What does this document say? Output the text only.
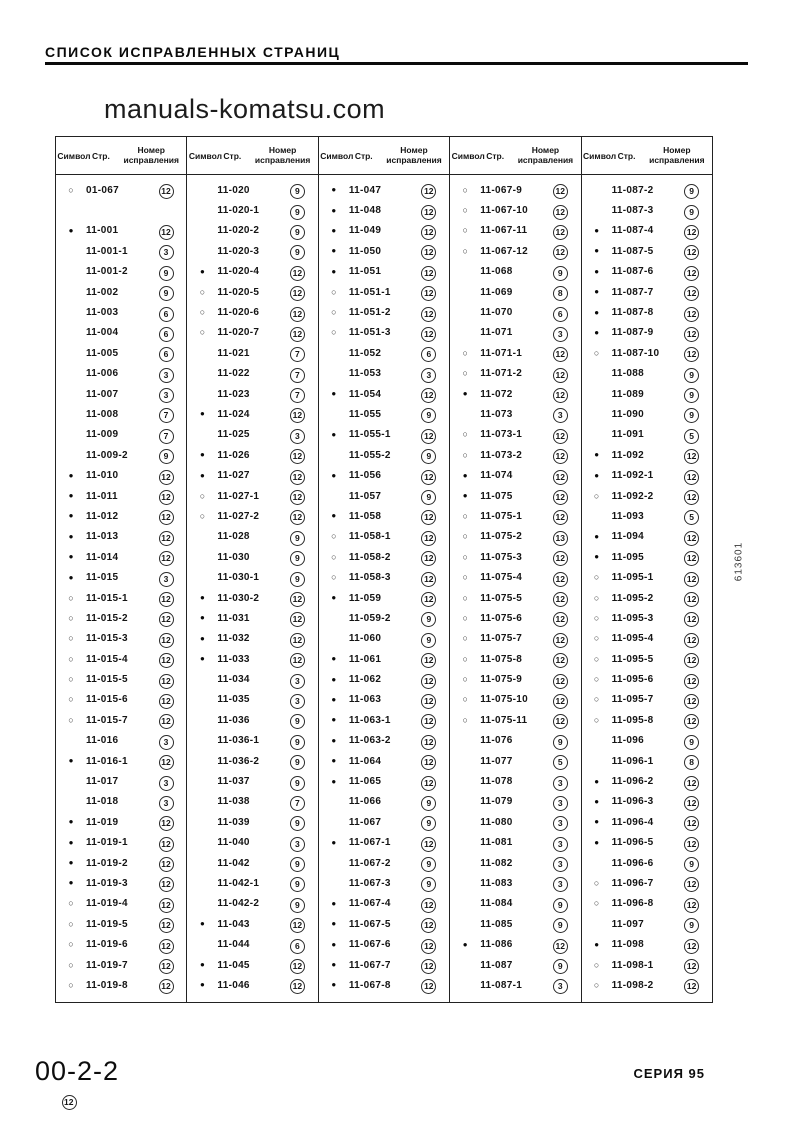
СПИСОК ИСПРАВЛЕННЫХ СТРАНИЦ
manuals-komatsu.com
Символ Стр.
Номер
исправления
○	01-067	12
●	11-001	12
11-001-1	3
11-001-2	9
11-002	9
11-003	6
11-004	6
11-005	6
11-006	3
11-007	3
11-008	7
11-009	7
11-009-2	9
●	11-010	12
●	11-011	12
●	11-012	12
●	11-013	12
●	11-014	12
●	11-015	3
○	11-015-1	12
○	11-015-2	12
○	11-015-3	12
○	11-015-4	12
○	11-015-5	12
○	11-015-6	12
○	11-015-7	12
11-016	3
●	11-016-1	12
11-017	3
11-018	3
●	11-019	12
●	11-019-1	12
●	11-019-2	12
●	11-019-3	12
○	11-019-4	12
○	11-019-5	12
○	11-019-6	12
○	11-019-7	12
○	11-019-8	12
Символ Стр.
Номер
исправления
11-020	9
11-020-1	9
11-020-2	9
11-020-3	9
●	11-020-4	12
○	11-020-5	12
○	11-020-6	12
○	11-020-7	12
11-021	7
11-022	7
11-023	7
●	11-024	12
11-025	3
●	11-026	12
●	11-027	12
○	11-027-1	12
○	11-027-2	12
11-028	9
11-030	9
11-030-1	9
●	11-030-2	12
●	11-031	12
●	11-032	12
●	11-033	12
11-034	3
11-035	3
11-036	9
11-036-1	9
11-036-2	9
11-037	9
11-038	7
11-039	9
11-040	3
11-042	9
11-042-1	9
11-042-2	9
●	11-043	12
11-044	6
●	11-045	12
●	11-046	12
Символ Стр.
Номер
исправления
●	11-047	12
●	11-048	12
●	11-049	12
●	11-050	12
●	11-051	12
○	11-051-1	12
○	11-051-2	12
○	11-051-3	12
11-052	6
11-053	3
●	11-054	12
11-055	9
●	11-055-1	12
11-055-2	9
●	11-056	12
11-057	9
●	11-058	12
○	11-058-1	12
○	11-058-2	12
○	11-058-3	12
●	11-059	12
11-059-2	9
11-060	9
●	11-061	12
●	11-062	12
●	11-063	12
●	11-063-1	12
●	11-063-2	12
●	11-064	12
●	11-065	12
11-066	9
11-067	9
●	11-067-1	12
11-067-2	9
11-067-3	9
●	11-067-4	12
●	11-067-5	12
●	11-067-6	12
●	11-067-7	12
●	11-067-8	12
Символ Стр.
Номер
исправления
○	11-067-9	12
○	11-067-10	12
○	11-067-11	12
○	11-067-12	12
11-068	9
11-069	8
11-070	6
11-071	3
○	11-071-1	12
○	11-071-2	12
●	11-072	12
11-073	3
○	11-073-1	12
○	11-073-2	12
●	11-074	12
●	11-075	12
○	11-075-1	12
○	11-075-2	13
○	11-075-3	12
○	11-075-4	12
○	11-075-5	12
○	11-075-6	12
○	11-075-7	12
○	11-075-8	12
○	11-075-9	12
○	11-075-10	12
○	11-075-11	12
11-076	9
11-077	5
11-078	3
11-079	3
11-080	3
11-081	3
11-082	3
11-083	3
11-084	9
11-085	9
●	11-086	12
11-087	9
11-087-1	3
Символ Стр.
Номер
исправления
11-087-2	9
11-087-3	9
●	11-087-4	12
●	11-087-5	12
●	11-087-6	12
●	11-087-7	12
●	11-087-8	12
●	11-087-9	12
○	11-087-10	12
11-088	9
11-089	9
11-090	9
11-091	5
●	11-092	12
●	11-092-1	12
○	11-092-2	12
11-093	5
●	11-094	12
●	11-095	12
○	11-095-1	12
○	11-095-2	12
○	11-095-3	12
○	11-095-4	12
○	11-095-5	12
○	11-095-6	12
○	11-095-7	12
○	11-095-8	12
11-096	9
11-096-1	8
●	11-096-2	12
●	11-096-3	12
●	11-096-4	12
●	11-096-5	12
11-096-6	9
○	11-096-7	12
○	11-096-8	12
11-097	9
●	11-098	12
○	11-098-1	12
○	11-098-2	12
00-2-2
12
СЕРИЯ 95
613601
